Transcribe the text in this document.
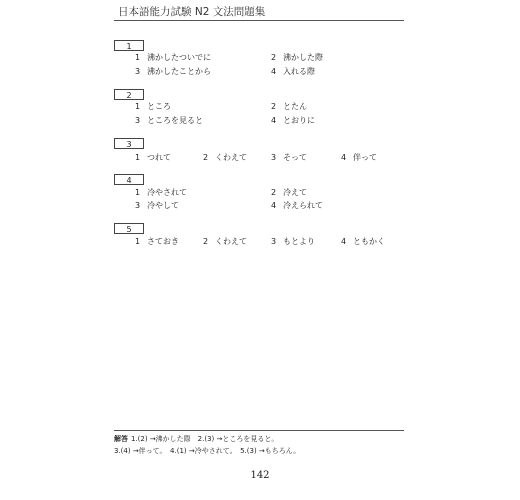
日本語能力試験 N2 文法問題集
1
1 沸かしたついでに	2 沸かした際
3 沸かしたことから	4 入れる際
2
1 ところ	2 とたん
3 ところを見ると	4 とおりに
3
1 つれて	2 くわえて	3 そって	4 伴って
4
1 冷やされて	2 冷えて
3 冷やして	4 冷えられて
5
1 さておき	2 くわえて	3 もとより	4 ともかく
解答 1.(2) →沸かした際　2.(3) →ところを見ると。
3.(4) →伴って。　4.(1) →冷やされて。　5.(3) →もちろん。
142
